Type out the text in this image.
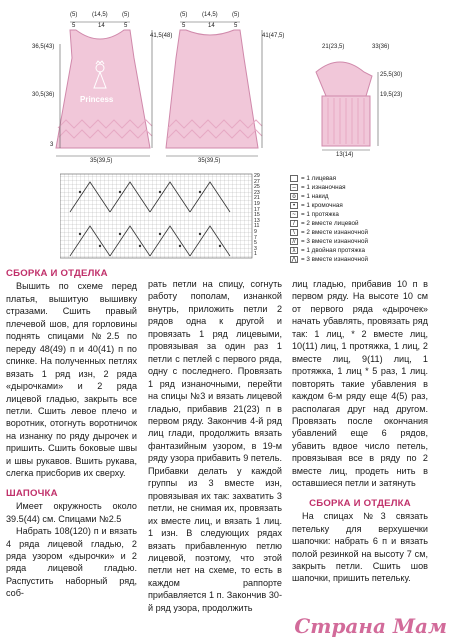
(5) (14,5) (5)
5	14	5
36,5(43)
30,5(36)
41,5(48)
3
35(39,5)
Princess
(5) (14,5) (5)
5	14	5
41(47,5)
35(39,5)
21(23,5)	33(36)
25,5(30)
19,5(23)
13(14)
29
27
25
23
21
19
17
15
13
11
9
7
5
3
1
= 1 лицевая
– = 1 изнаночная
o = 1 накид
• = 1 кромочная
~ = 1 протяжка
/ = 2 вместе лицевой
\ = 2 вместе изнаночной
// = 3 вместе изнаночной
λ = 1 двойная протяжка
⋀ = 3 вместе изнаночной

СБОРКА И ОТДЕЛКА

Вышить по схеме перед платья, вышитую вышивку стразами. Сшить правый плечевой шов, для горловины поднять спицами №2.5 по переду 48(49) п и 40(41) п по спинке. На полученных петлях вязать 1 ряд изн, 2 ряда «дырочками» и 2 ряда лицевой гладью, закрыть все петли. Сшить левое плечо и воротник, отогнуть воротничок на изнанку по ряду дырочек и пришить. Сшить боковые швы и швы рукавов. Вшить рукава, слегка присборив их сверху.

ШАПОЧКА

Имеет окружность около 39.5(44) см. Спицами №2.5

Набрать 108(120) п и вязать 4 ряда лицевой гладью, 2 ряда узором «дырочки» и 2 ряда лицевой гладью. Распустить наборный ряд, соб-

рать петли на спицу, согнуть работу пополам, изнанкой внутрь, приложить петли 2 рядов одна к другой и провязать 1 ряд лицевыми, провязывая за один раз 1 петли с петлей с первого ряда, одну с последнего. Провязать 1 ряд изнаночными, перейти на спицы №3 и вязать лицевой гладью, прибавив 21(23) п в первом ряду. Закончив 4-й ряд лиц глади, продолжить вязать фантазийным узором, в 19-м ряду узора прибавить 9 петель. Прибавки делать у каждой группы из 3 вместе изн, провязывая их так: захватить 3 петли, не снимая их, провязать их вместе лиц, и вязать 1 лиц. 1 изн. В следующих рядах вязать прибавленную петлю лицевой, поэтому, что этой петли нет на схеме, то есть в каждом раппорте прибавляется 1 п. Закончив 30-й ряд узора, продолжить

лиц гладью, прибавив 10 п в первом ряду. На высоте 10 см от первого ряда «дырочек» начать убавлять, провязать ряд так: 1 лиц, * 2 вместе лиц, 10(11) лиц, 1 протяжка, 1 лиц, 2 вместе лиц, 9(11) лиц, 1 протяжка, 1 лиц * 5 раз, 1 лиц. повторять такие убавления в каждом 6-м ряду еще 4(5) раз, располагая друг над другом. Провязать после окончания убавлений еще 6 рядов, убавить вдвое число петель, провязывая все в ряду по 2 вместе лиц, продеть нить в оставшиеся петли и затянуть

СБОРКА И ОТДЕЛКА

На спицах №3 связать петельку для верхушечки шапочки: набрать 6 п и вязать полой резинкой на высоту 7 см, закрыть петли. Сшить шов шапочки, пришить петельку.

Страна Мам
